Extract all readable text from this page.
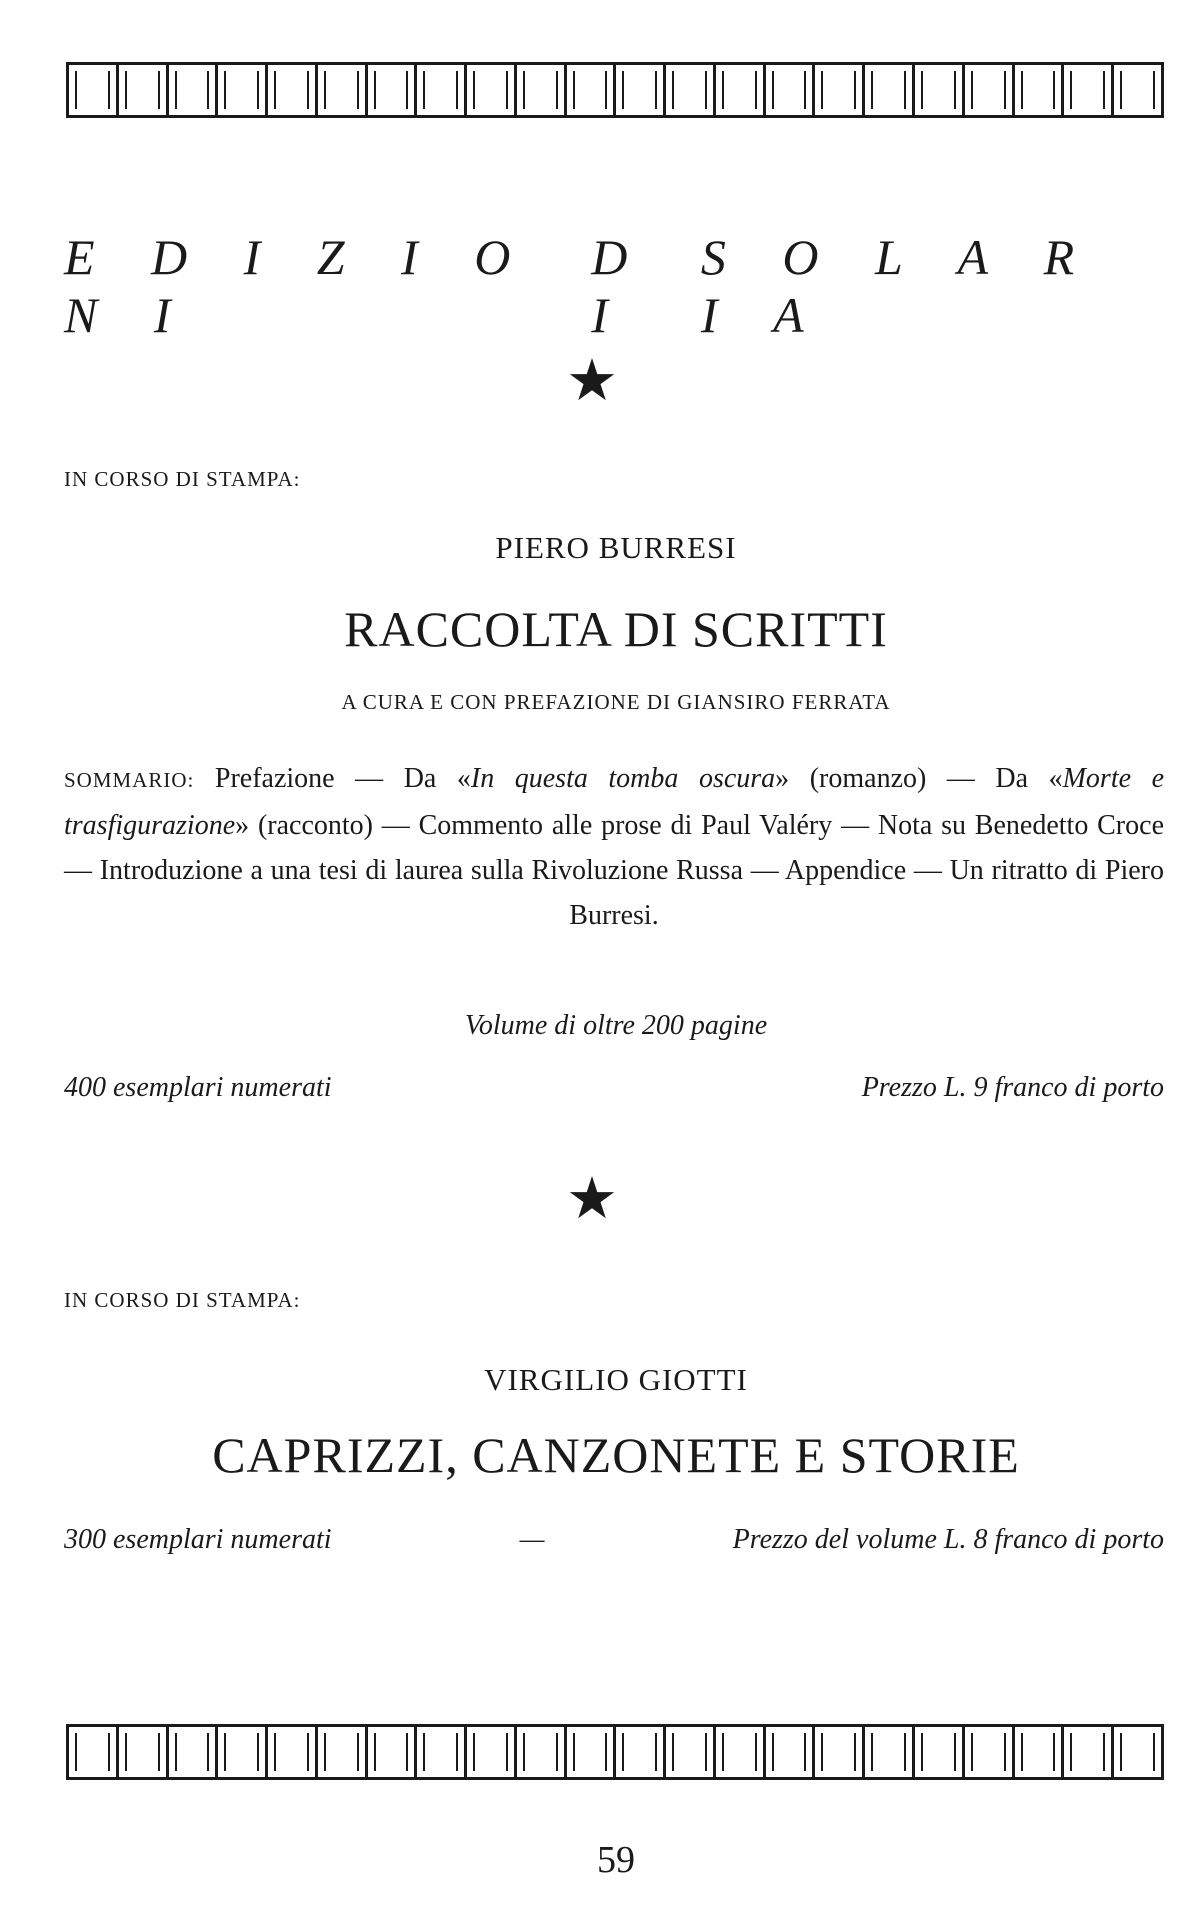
E D I Z I O N I
D I
S O L A R I A
★
IN CORSO DI STAMPA:
PIERO BURRESI
RACCOLTA DI SCRITTI
A CURA E CON PREFAZIONE DI GIANSIRO FERRATA
SOMMARIO: Prefazione — Da «In questa tomba oscura» (romanzo) — Da «Morte e trasfigurazione» (racconto) — Commento alle prose di Paul Valéry — Nota su Benedetto Croce — Introduzione a una tesi di laurea sulla Rivoluzione Russa — Appendice — Un ritratto di Piero Burresi.
Volume di oltre 200 pagine
400 esemplari numerati	Prezzo L. 9 franco di porto
★
IN CORSO DI STAMPA:
VIRGILIO GIOTTI
CAPRIZZI, CANZONETE E STORIE
300 esemplari numerati	—	Prezzo del volume L. 8 franco di porto
59
